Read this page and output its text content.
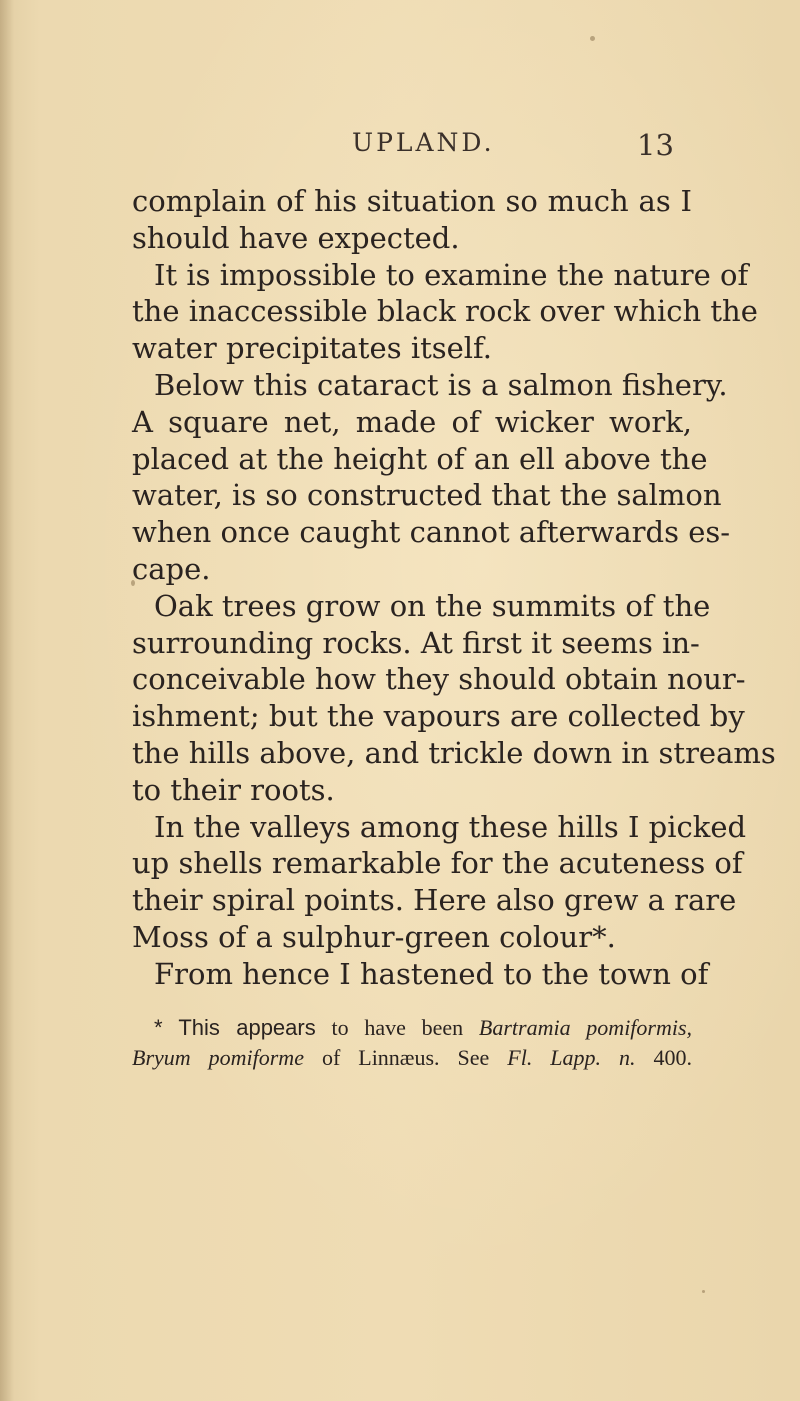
UPLAND.	13
complain of his situation so much as I
should have expected.
It is impossible to examine the nature of
the inaccessible black rock over which the
water precipitates itself.
Below this cataract is a salmon fishery.
A square net, made of wicker work,
placed at the height of an ell above the
water, is so constructed that the salmon
when once caught cannot afterwards es-
cape.
Oak trees grow on the summits of the
surrounding rocks. At first it seems in-
conceivable how they should obtain nour-
ishment; but the vapours are collected by
the hills above, and trickle down in streams
to their roots.
In the valleys among these hills I picked
up shells remarkable for the acuteness of
their spiral points. Here also grew a rare
Moss of a sulphur-green colour*.
From hence I hastened to the town of
* This appears to have been Bartramia pomiformis,
Bryum pomiforme of Linnæus. See Fl. Lapp. n. 400.
